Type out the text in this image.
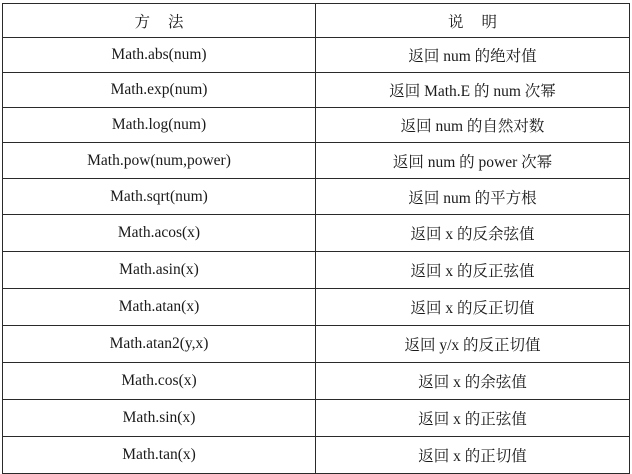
方法	说明
Math.abs(num)	返回 num 的绝对值
Math.exp(num)	返回 Math.E 的 num 次幂
Math.log(num)	返回 num 的自然对数
Math.pow(num,power)	返回 num 的 power 次幂
Math.sqrt(num)	返回 num 的平方根
Math.acos(x)	返回 x 的反余弦值
Math.asin(x)	返回 x 的反正弦值
Math.atan(x)	返回 x 的反正切值
Math.atan2(y,x)	返回 y/x 的反正切值
Math.cos(x)	返回 x 的余弦值
Math.sin(x)	返回 x 的正弦值
Math.tan(x)	返回 x 的正切值
